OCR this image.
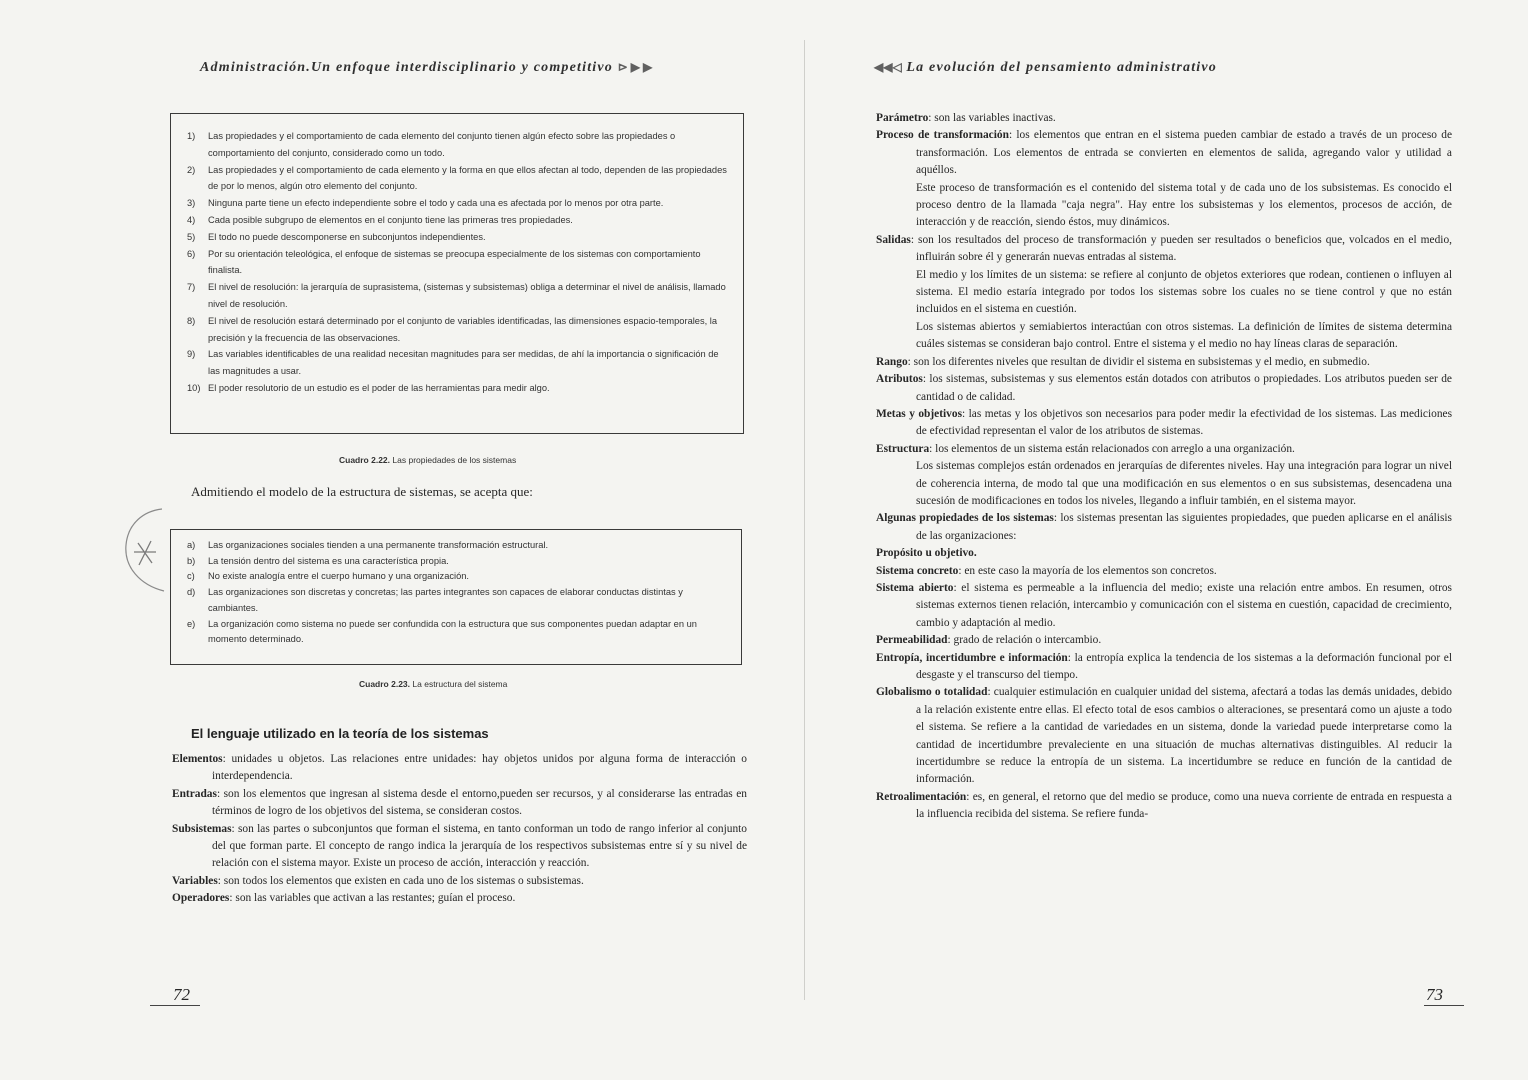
Administración.Un enfoque interdisciplinario y competitivo ⊳ ▶ ▶
1) Las propiedades y el comportamiento de cada elemento del conjunto tienen algún efecto sobre las propiedades o comportamiento del conjunto, considerado como un todo.
2) Las propiedades y el comportamiento de cada elemento y la forma en que ellos afectan al todo, dependen de las propiedades de por lo menos, algún otro elemento del conjunto.
3) Ninguna parte tiene un efecto independiente sobre el todo y cada una es afectada por lo menos por otra parte.
4) Cada posible subgrupo de elementos en el conjunto tiene las primeras tres propiedades.
5) El todo no puede descomponerse en subconjuntos independientes.
6) Por su orientación teleológica, el enfoque de sistemas se preocupa especialmente de los sistemas con comportamiento finalista.
7) El nivel de resolución: la jerarquía de suprasistema, (sistemas y subsistemas) obliga a determinar el nivel de análisis, llamado nivel de resolución.
8) El nivel de resolución estará determinado por el conjunto de variables identificadas, las dimensiones espacio-temporales, la precisión y la frecuencia de las observaciones.
9) Las variables identificables de una realidad necesitan magnitudes para ser medidas, de ahí la importancia o significación de las magnitudes a usar.
10) El poder resolutorio de un estudio es el poder de las herramientas para medir algo.
Cuadro 2.22. Las propiedades de los sistemas
Admitiendo el modelo de la estructura de sistemas, se acepta que:
a) Las organizaciones sociales tienden a una permanente transformación estructural.
b) La tensión dentro del sistema es una característica propia.
c) No existe analogía entre el cuerpo humano y una organización.
d) Las organizaciones son discretas y concretas; las partes integrantes son capaces de elaborar conductas distintas y cambiantes.
e) La organización como sistema no puede ser confundida con la estructura que sus componentes puedan adaptar en un momento determinado.
Cuadro 2.23. La estructura del sistema
El lenguaje utilizado en la teoría de los sistemas

Elementos: unidades u objetos. Las relaciones entre unidades: hay objetos unidos por alguna forma de interacción o interdependencia.

Entradas: son los elementos que ingresan al sistema desde el entorno,pueden ser recursos, y al considerarse las entradas en términos de logro de los objetivos del sistema, se consideran costos.

Subsistemas: son las partes o subconjuntos que forman el sistema, en tanto conforman un todo de rango inferior al conjunto del que forman parte. El concepto de rango indica la jerarquía de los respectivos subsistemas entre sí y su nivel de relación con el sistema mayor. Existe un proceso de acción, interacción y reacción.

Variables: son todos los elementos que existen en cada uno de los sistemas o subsistemas.

Operadores: son las variables que activan a las restantes; guían el proceso.

72
◀◀◁ La evolución del pensamiento administrativo

Parámetro: son las variables inactivas.

Proceso de transformación: los elementos que entran en el sistema pueden cambiar de estado a través de un proceso de transformación. Los elementos de entrada se convierten en elementos de salida, agregando valor y utilidad a aquéllos.

Este proceso de transformación es el contenido del sistema total y de cada uno de los subsistemas. Es conocido el proceso dentro de la llamada "caja negra". Hay entre los subsistemas y los elementos, procesos de acción, de interacción y de reacción, siendo éstos, muy dinámicos.

Salidas: son los resultados del proceso de transformación y pueden ser resultados o beneficios que, volcados en el medio, influirán sobre él y generarán nuevas entradas al sistema.

El medio y los límites de un sistema: se refiere al conjunto de objetos exteriores que rodean, contienen o influyen al sistema. El medio estaría integrado por todos los sistemas sobre los cuales no se tiene control y que no están incluidos en el sistema en cuestión.

Los sistemas abiertos y semiabiertos interactúan con otros sistemas. La definición de límites de sistema determina cuáles sistemas se consideran bajo control. Entre el sistema y el medio no hay líneas claras de separación.

Rango: son los diferentes niveles que resultan de dividir el sistema en subsistemas y el medio, en submedio.

Atributos: los sistemas, subsistemas y sus elementos están dotados con atributos o propiedades. Los atributos pueden ser de cantidad o de calidad.

Metas y objetivos: las metas y los objetivos son necesarios para poder medir la efectividad de los sistemas. Las mediciones de efectividad representan el valor de los atributos de sistemas.

Estructura: los elementos de un sistema están relacionados con arreglo a una organización.

Los sistemas complejos están ordenados en jerarquías de diferentes niveles. Hay una integración para lograr un nivel de coherencia interna, de modo tal que una modificación en sus elementos o en sus subsistemas, desencadena una sucesión de modificaciones en todos los niveles, llegando a influir también, en el sistema mayor.

Algunas propiedades de los sistemas: los sistemas presentan las siguientes propiedades, que pueden aplicarse en el análisis de las organizaciones:

Propósito u objetivo.

Sistema concreto: en este caso la mayoría de los elementos son concretos.

Sistema abierto: el sistema es permeable a la influencia del medio; existe una relación entre ambos. En resumen, otros sistemas externos tienen relación, intercambio y comunicación con el sistema en cuestión, capacidad de crecimiento, cambio y adaptación al medio.

Permeabilidad: grado de relación o intercambio.

Entropía, incertidumbre e información: la entropía explica la tendencia de los sistemas a la deformación funcional por el desgaste y el transcurso del tiempo.

Globalismo o totalidad: cualquier estimulación en cualquier unidad del sistema, afectará a todas las demás unidades, debido a la relación existente entre ellas. El efecto total de esos cambios o alteraciones, se presentará como un ajuste a todo el sistema. Se refiere a la cantidad de variedades en un sistema, donde la variedad puede interpretarse como la cantidad de incertidumbre prevaleciente en una situación de muchas alternativas distinguibles. Al reducir la incertidumbre se reduce la entropía de un sistema. La incertidumbre se reduce en función de la cantidad de información.

Retroalimentación: es, en general, el retorno que del medio se produce, como una nueva corriente de entrada en respuesta a la influencia recibida del sistema. Se refiere funda-

73
